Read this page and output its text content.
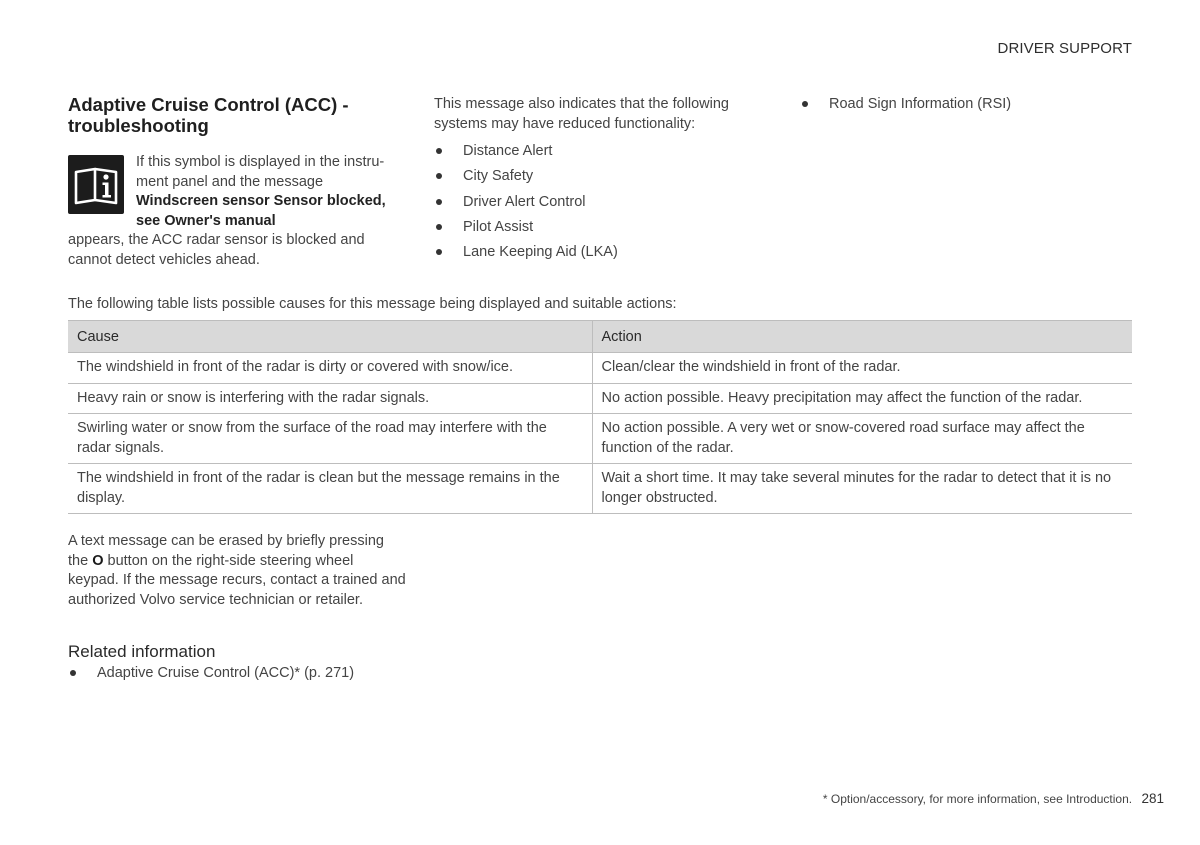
DRIVER SUPPORT
Adaptive Cruise Control (ACC) -
troubleshooting
If this symbol is displayed in the instru-ment panel and the message
Windscreen sensor Sensor blocked, see Owner's manual
appears, the ACC radar sensor is blocked and cannot detect vehicles ahead.

This message also indicates that the following systems may have reduced functionality:

Distance Alert
City Safety
Driver Alert Control
Pilot Assist
Lane Keeping Aid (LKA)
Road Sign Information (RSI)

The following table lists possible causes for this message being displayed and suitable actions:

Cause	Action
The windshield in front of the radar is dirty or covered with snow/ice.	Clean/clear the windshield in front of the radar.
Heavy rain or snow is interfering with the radar signals.	No action possible. Heavy precipitation may affect the function of the radar.
Swirling water or snow from the surface of the road may interfere with the radar signals.	No action possible. A very wet or snow-covered road surface may affect the function of the radar.
The windshield in front of the radar is clean but the message remains in the display.	Wait a short time. It may take several minutes for the radar to detect that it is no longer obstructed.

A text message can be erased by briefly pressing the O button on the right-side steering wheel keypad. If the message recurs, contact a trained and authorized Volvo service technician or retailer.

Related information
Adaptive Cruise Control (ACC)* (p. 271)
* Option/accessory, for more information, see Introduction. 281
